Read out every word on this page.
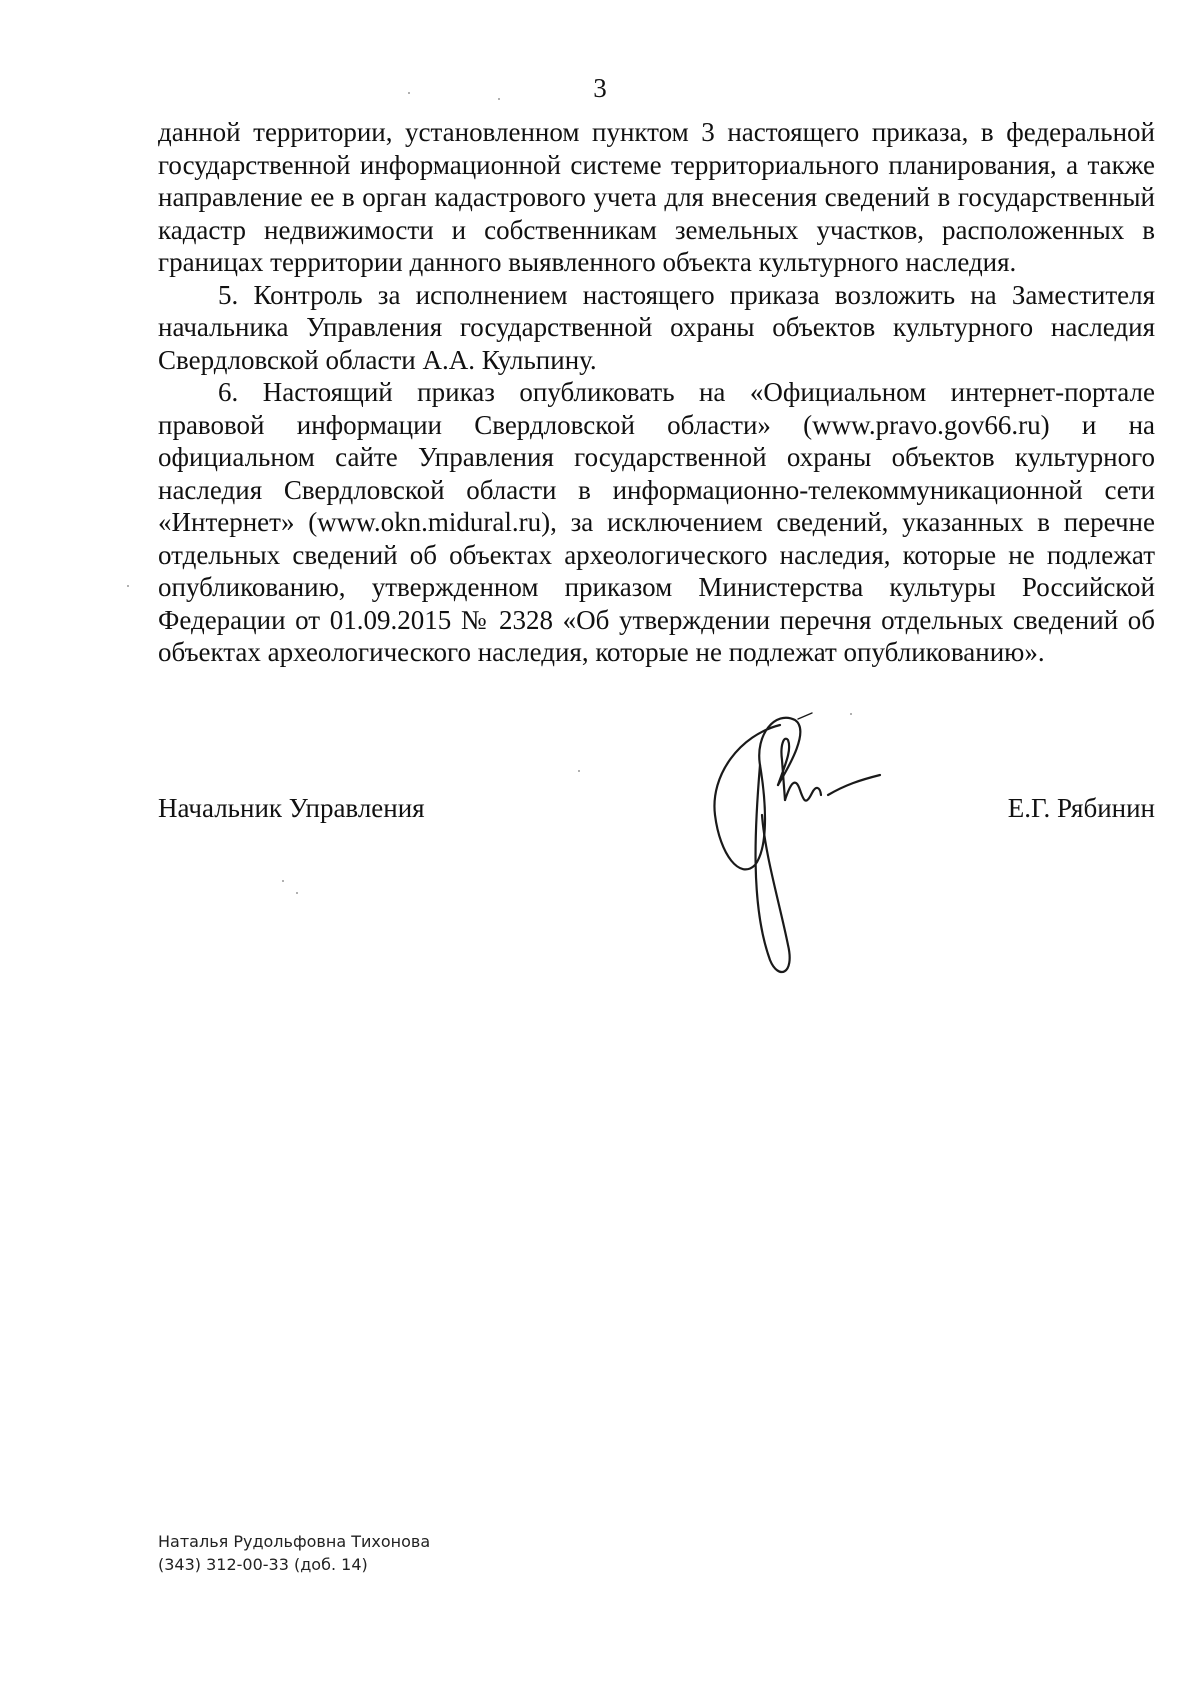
3

данной территории, установленном пунктом 3 настоящего приказа, в федеральной государственной информационной системе территориального планирования, а также направление ее в орган кадастрового учета для внесения сведений в государственный кадастр недвижимости и собственникам земельных участков, расположенных в границах территории данного выявленного объекта культурного наследия.

5. Контроль за исполнением настоящего приказа возложить на Заместителя начальника Управления государственной охраны объектов культурного наследия Свердловской области А.А. Кульпину.

6. Настоящий приказ опубликовать на «Официальном интернет-портале правовой информации Свердловской области» (www.pravo.gov66.ru) и на официальном сайте Управления государственной охраны объектов культурного наследия Свердловской области в информационно-телекоммуникационной сети «Интернет» (www.okn.midural.ru), за исключением сведений, указанных в перечне отдельных сведений об объектах археологического наследия, которые не подлежат опубликованию, утвержденном приказом Министерства культуры Российской Федерации от 01.09.2015 № 2328 «Об утверждении перечня отдельных сведений об объектах археологического наследия, которые не подлежат опубликованию».

Начальник Управления	Е.Г. Рябинин
Наталья Рудольфовна Тихонова
(343) 312-00-33 (доб. 14)
